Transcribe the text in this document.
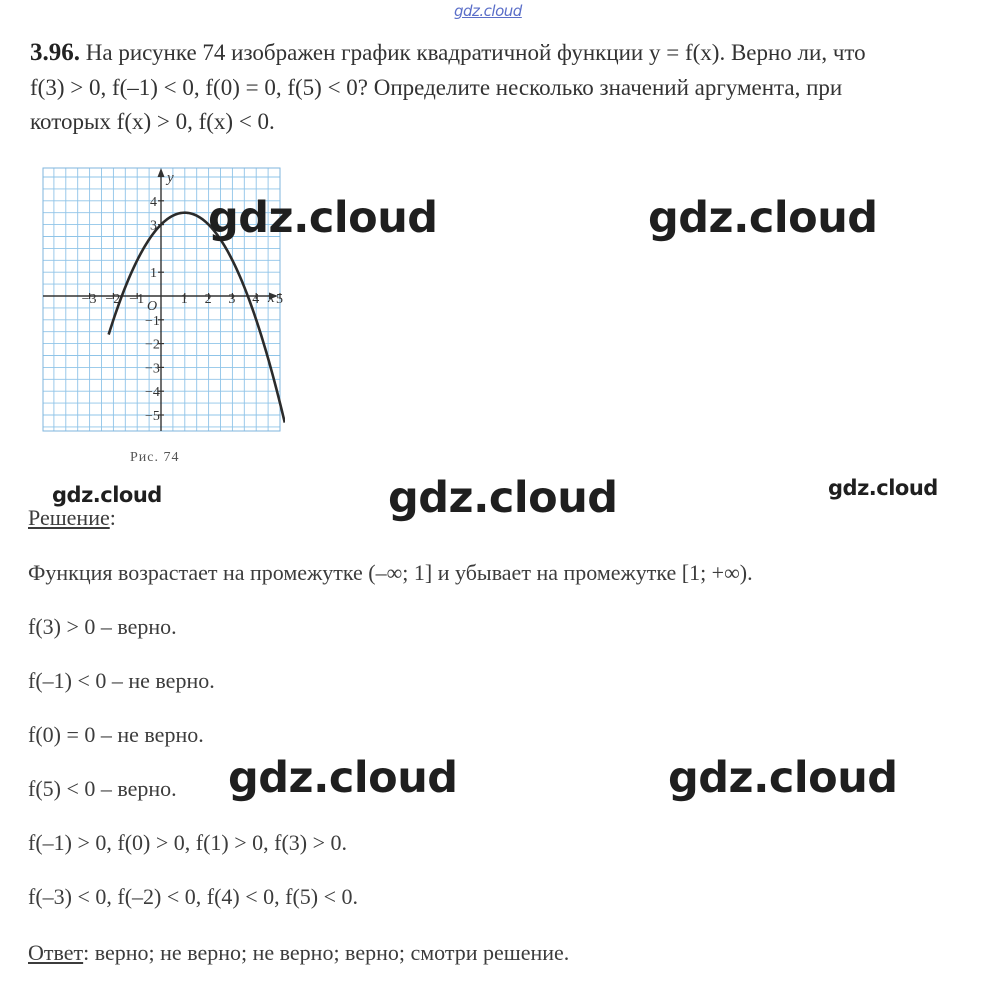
gdz.cloud
3.96. На рисунке 74 изображен график квадратичной функции y = f(x). Верно ли, что
f(3) > 0, f(–1) < 0, f(0) = 0, f(5) < 0? Определите несколько значений аргумента, при
которых f(x) > 0, f(x) < 0.
−3 −2 −1	1 2 3 4 5
4
3
1
−1
−2
−3
−4
−5
x
y
O
Рис. 74
gdz.cloud	gdz.cloud
gdz.cloud	gdz.cloud	gdz.cloud
Решение:
Функция возрастает на промежутке (–∞; 1] и убывает на промежутке [1; +∞).
f(3) > 0 – верно.
f(–1) < 0 – не верно.
f(0) = 0 – не верно.
f(5) < 0 – верно. gdz.cloud	gdz.cloud
f(–1) > 0, f(0) > 0, f(1) > 0, f(3) > 0.
f(–3) < 0, f(–2) < 0, f(4) < 0, f(5) < 0.
Ответ: верно; не верно; не верно; верно; смотри решение.
